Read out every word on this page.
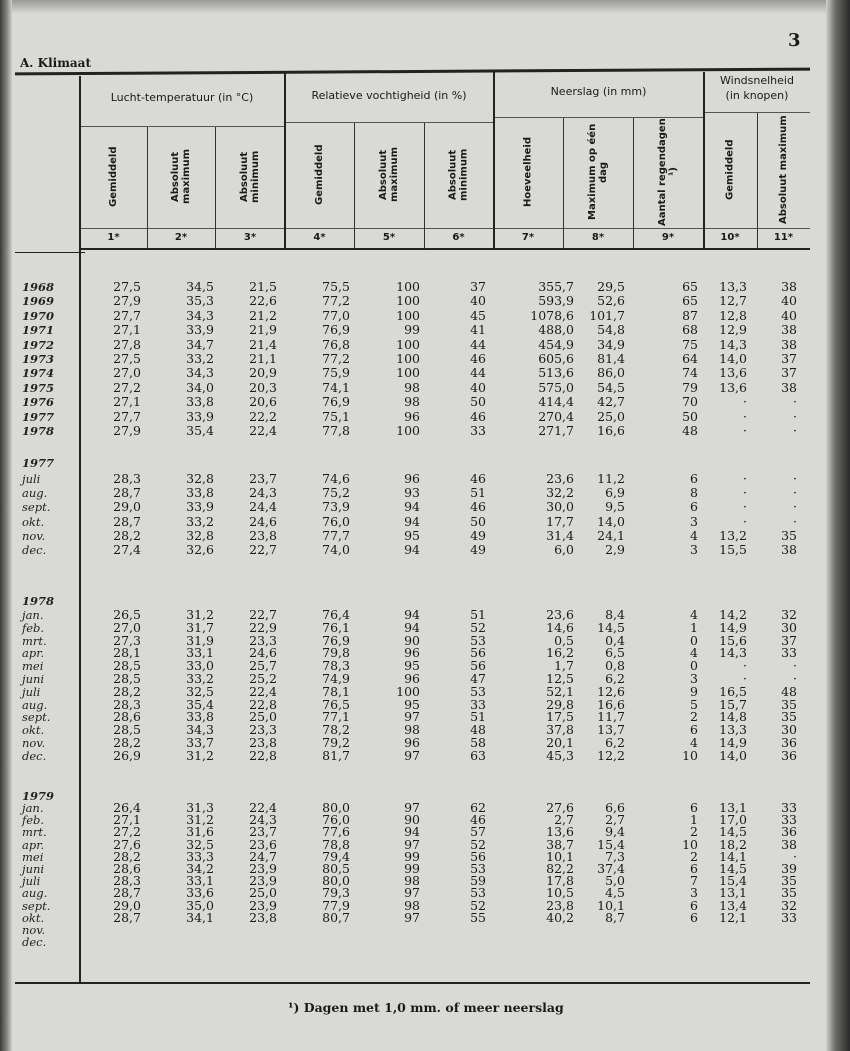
3
A. Klimaat
Lucht-temperatuur (in °C)	Relatieve vochtigheid (in %)	Neerslag (in mm)
Windsnelheid (in knopen)
Gemiddeld
1*
Absoluut maximum
2*
Absoluut minimum
3*
Gemiddeld
4*
Absoluut maximum
5*
Absoluut minimum
6*
Hoeveelheid
7*
Maximum op één dag
8*
Aantal regendagen ¹)
9*
Gemiddeld
10*
Absoluut maximum
11*
1968	27,5	34,5	21,5	75,5	100	37	355,7	29,5	65	13,3	38
1969	27,9	35,3	22,6	77,2	100	40	593,9	52,6	65	12,7	40
1970	27,7	34,3	21,2	77,0	100	45	1078,6	101,7	87	12,8	40
1971	27,1	33,9	21,9	76,9	99	41	488,0	54,8	68	12,9	38
1972	27,8	34,7	21,4	76,8	100	44	454,9	34,9	75	14,3	38
1973	27,5	33,2	21,1	77,2	100	46	605,6	81,4	64	14,0	37
1974	27,0	34,3	20,9	75,9	100	44	513,6	86,0	74	13,6	37
1975	27,2	34,0	20,3	74,1	98	40	575,0	54,5	79	13,6	38
1976	27,1	33,8	20,6	76,9	98	50	414,4	42,7	70	·	·
1977	27,7	33,9	22,2	75,1	96	46	270,4	25,0	50	·	·
1978	27,9	35,4	22,4	77,8	100	33	271,7	16,6	48	·	·
1977
juli	28,3	32,8	23,7	74,6	96	46	23,6	11,2	6	·	·
aug.	28,7	33,8	24,3	75,2	93	51	32,2	6,9	8	·	·
sept.	29,0	33,9	24,4	73,9	94	46	30,0	9,5	6	·	·
okt.	28,7	33,2	24,6	76,0	94	50	17,7	14,0	3	·	·
nov.	28,2	32,8	23,8	77,7	95	49	31,4	24,1	4	13,2	35
dec.	27,4	32,6	22,7	74,0	94	49	6,0	2,9	3	15,5	38
1978
jan.	26,5	31,2	22,7	76,4	94	51	23,6	8,4	4	14,2	32
feb.	27,0	31,7	22,9	76,1	94	52	14,6	14,5	1	14,9	30
mrt.	27,3	31,9	23,3	76,9	90	53	0,5	0,4	0	15,6	37
apr.	28,1	33,1	24,6	79,8	96	56	16,2	6,5	4	14,3	33
mei	28,5	33,0	25,7	78,3	95	56	1,7	0,8	0	·	·
juni	28,5	33,2	25,2	74,9	96	47	12,5	6,2	3	·	·
juli	28,2	32,5	22,4	78,1	100	53	52,1	12,6	9	16,5	48
aug.	28,3	35,4	22,8	76,5	95	33	29,8	16,6	5	15,7	35
sept.	28,6	33,8	25,0	77,1	97	51	17,5	11,7	2	14,8	35
okt.	28,5	34,3	23,3	78,2	98	48	37,8	13,7	6	13,3	30
nov.	28,2	33,7	23,8	79,2	96	58	20,1	6,2	4	14,9	36
dec.	26,9	31,2	22,8	81,7	97	63	45,3	12,2	10	14,0	36
1979
jan.	26,4	31,3	22,4	80,0	97	62	27,6	6,6	6	13,1	33
feb.	27,1	31,2	24,3	76,0	90	46	2,7	2,7	1	17,0	33
mrt.	27,2	31,6	23,7	77,6	94	57	13,6	9,4	2	14,5	36
apr.	27,6	32,5	23,6	78,8	97	52	38,7	15,4	10	18,2	38
mei	28,2	33,3	24,7	79,4	99	56	10,1	7,3	2	14,1	·
juni	28,6	34,2	23,9	80,5	99	53	82,2	37,4	6	14,5	39
juli	28,3	33,1	23,9	80,0	98	59	17,8	5,0	7	15,4	35
aug.	28,7	33,6	25,0	79,3	97	53	10,5	4,5	3	13,1	35
sept.	29,0	35,0	23,9	77,9	98	52	23,8	10,1	6	13,4	32
okt.	28,7	34,1	23,8	80,7	97	55	40,2	8,7	6	12,1	33
nov.
dec.
¹) Dagen met 1,0 mm. of meer neerslag
